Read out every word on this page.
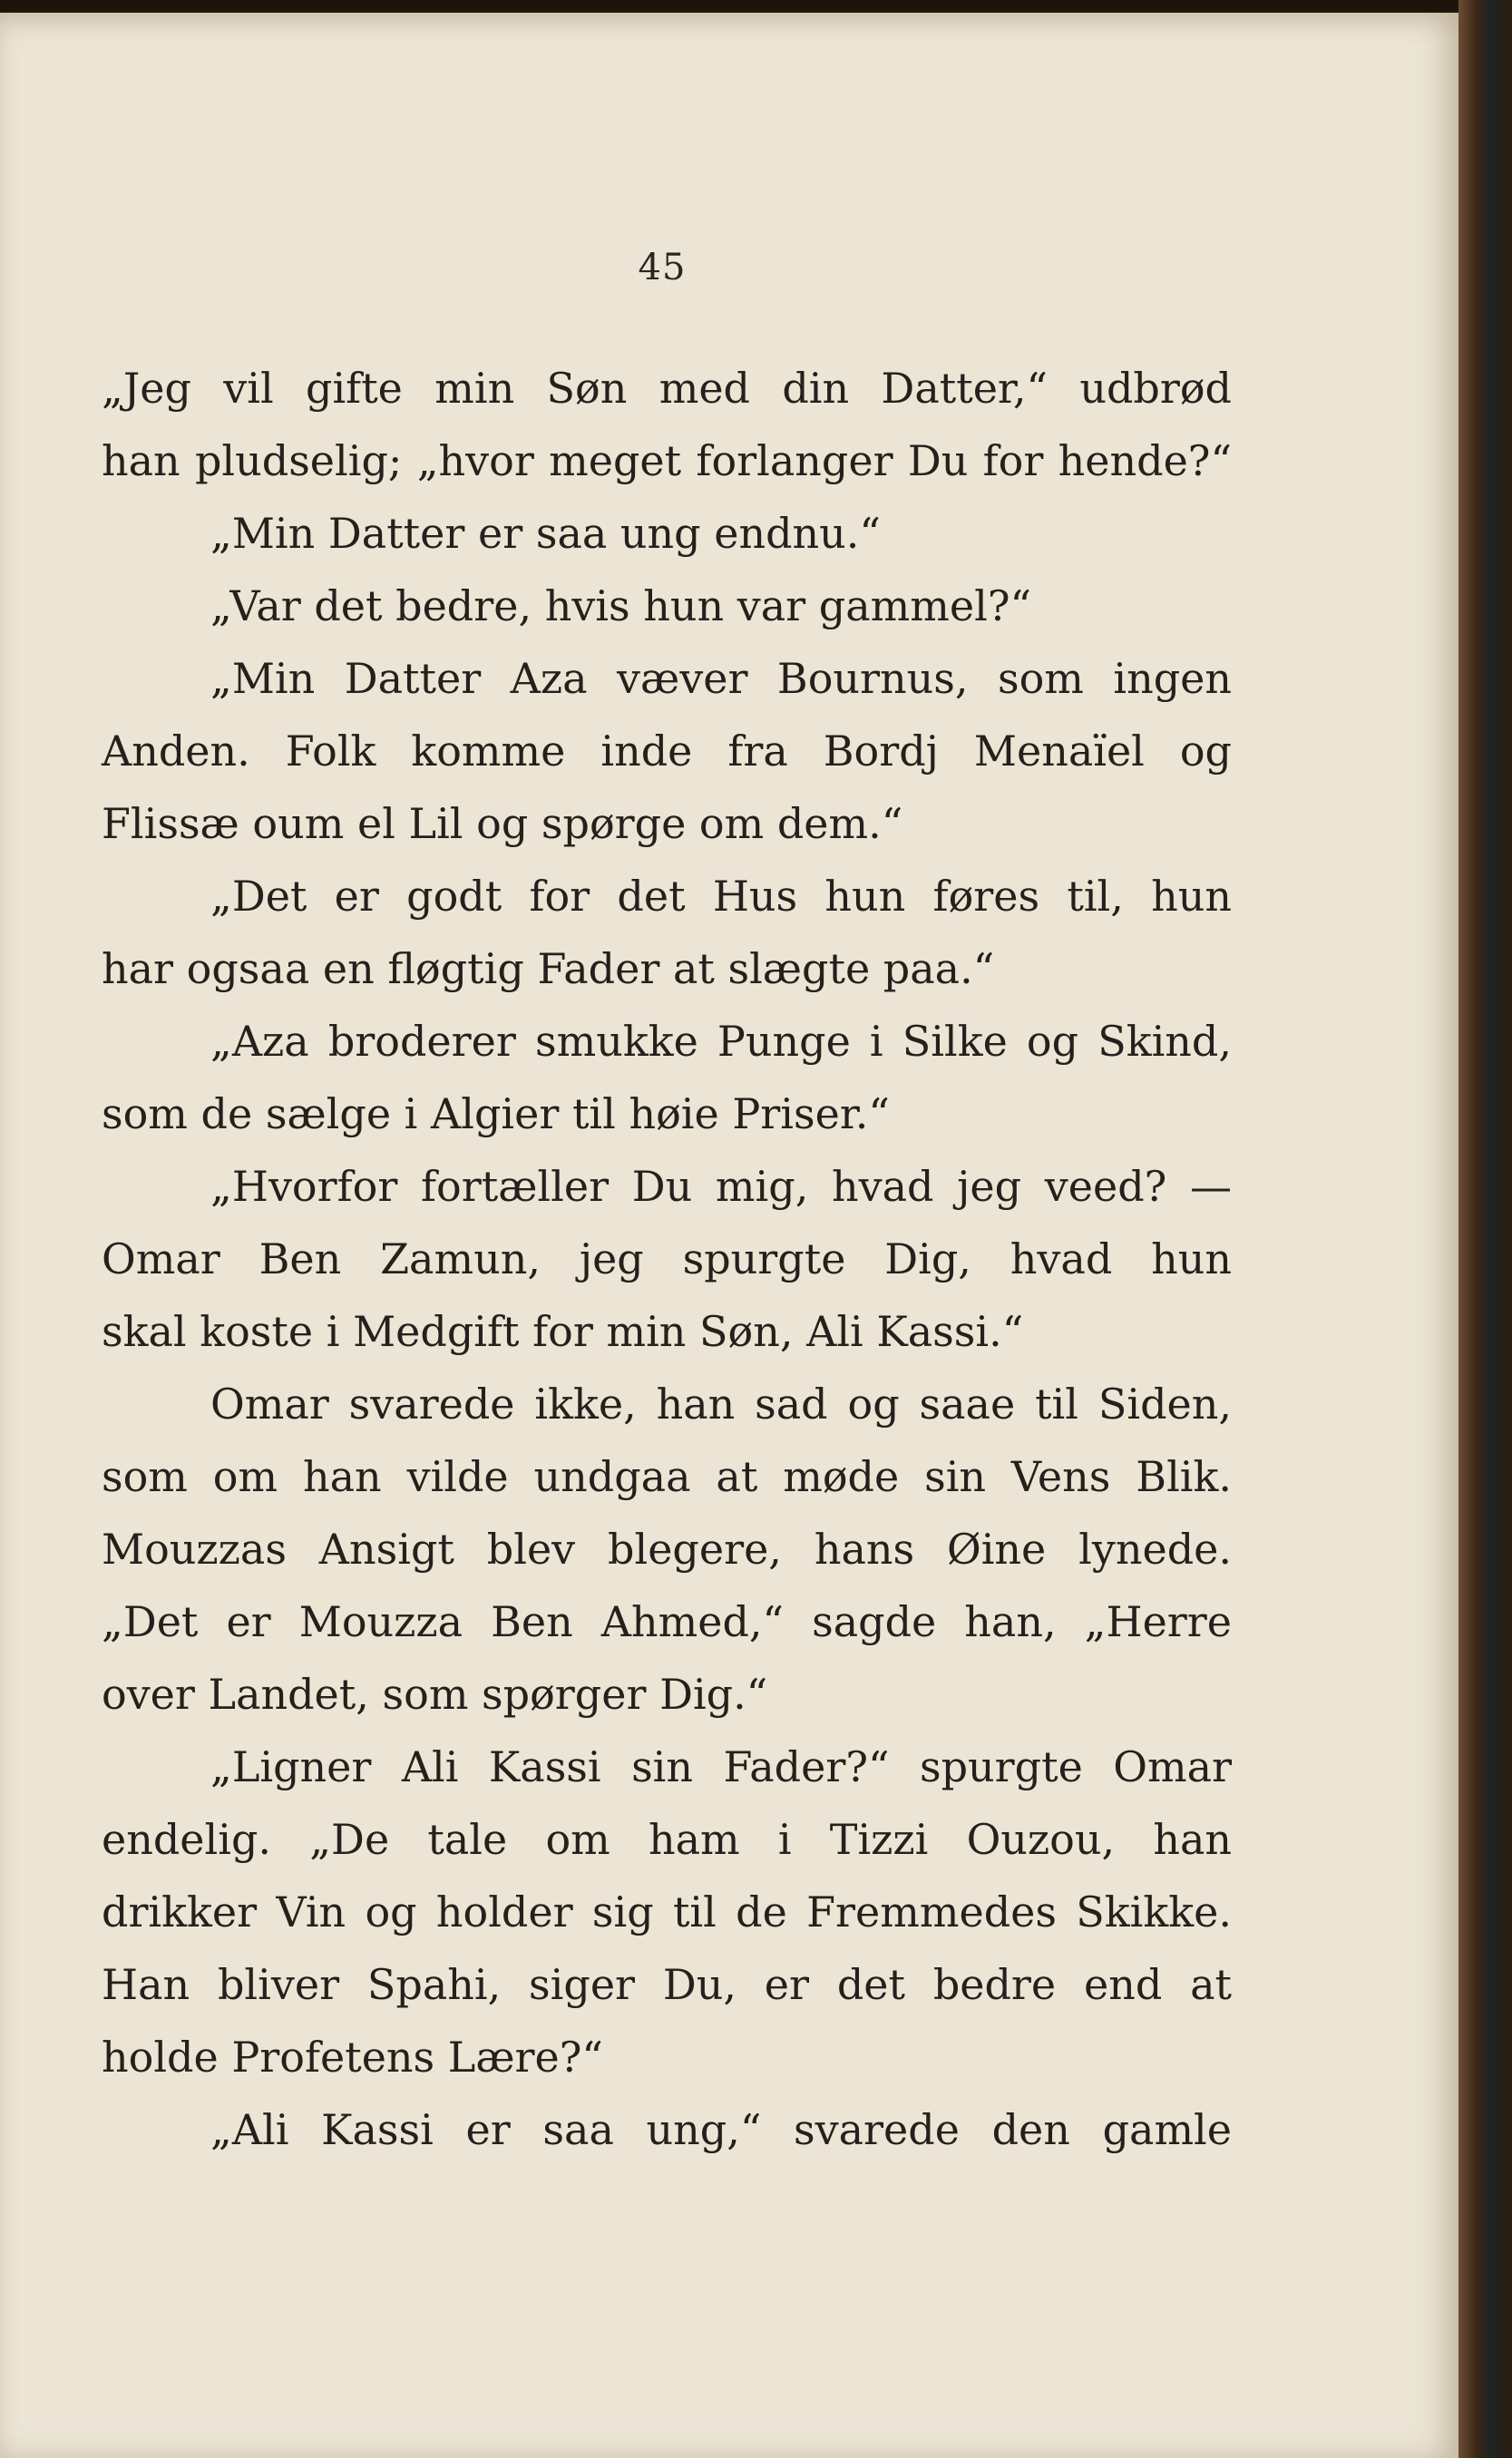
45
„Jeg vil gifte min Søn med din Datter,“ udbrød
han pludselig; „hvor meget forlanger Du for hende?“
„Min Datter er saa ung endnu.“
„Var det bedre, hvis hun var gammel?“
„Min Datter Aza væver Bournus, som ingen
Anden. Folk komme inde fra Bordj Menaïel og
Flissæ oum el Lil og spørge om dem.“
„Det er godt for det Hus hun føres til, hun
har ogsaa en fløgtig Fader at slægte paa.“
„Aza broderer smukke Punge i Silke og Skind,
som de sælge i Algier til høie Priser.“
„Hvorfor fortæller Du mig, hvad jeg veed? —
Omar Ben Zamun, jeg spurgte Dig, hvad hun
skal koste i Medgift for min Søn, Ali Kassi.“
Omar svarede ikke, han sad og saae til Siden,
som om han vilde undgaa at møde sin Vens Blik.
Mouzzas Ansigt blev blegere, hans Øine lynede.
„Det er Mouzza Ben Ahmed,“ sagde han, „Herre
over Landet, som spørger Dig.“
„Ligner Ali Kassi sin Fader?“ spurgte Omar
endelig. „De tale om ham i Tizzi Ouzou, han
drikker Vin og holder sig til de Fremmedes Skikke.
Han bliver Spahi, siger Du, er det bedre end at
holde Profetens Lære?“
„Ali Kassi er saa ung,“ svarede den gamle
